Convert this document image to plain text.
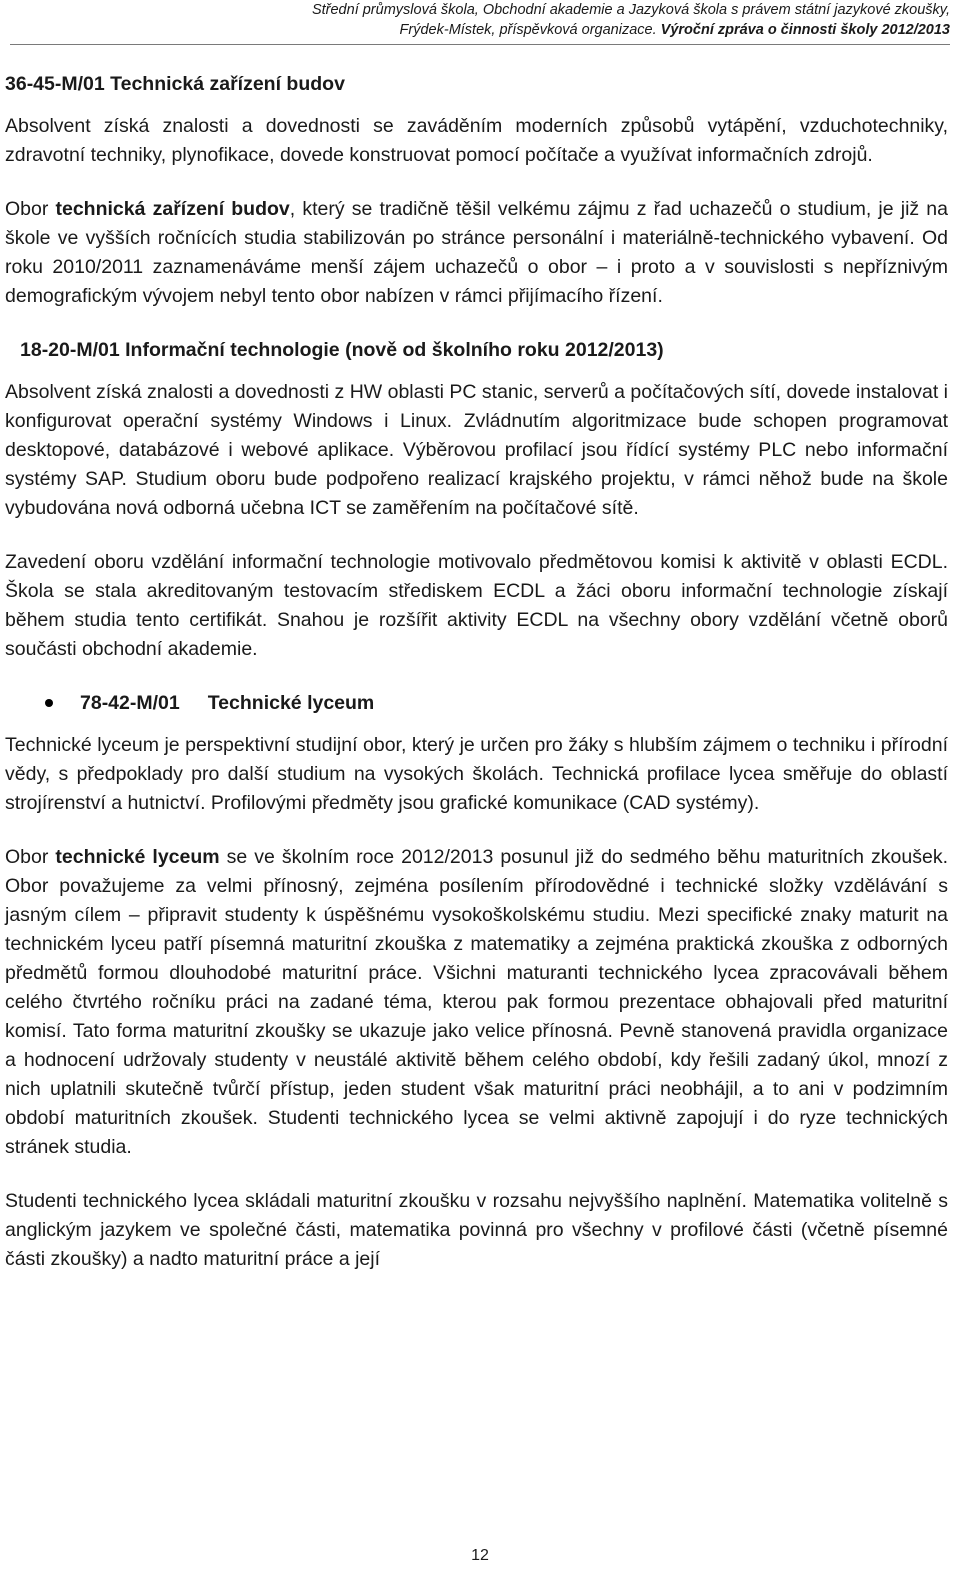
Střední průmyslová škola, Obchodní akademie a Jazyková škola s právem státní jazykové zkoušky,
Frýdek-Místek, příspěvková organizace. Výroční zpráva o činnosti školy 2012/2013
36-45-M/01 Technická zařízení budov

Absolvent získá znalosti a dovednosti se zaváděním moderních způsobů vytápění, vzduchotechniky, zdravotní techniky, plynofikace, dovede konstruovat pomocí počítače a využívat informačních zdrojů.

Obor technická zařízení budov, který se tradičně těšil velkému zájmu z řad uchazečů o studium, je již na škole ve vyšších ročnících studia stabilizován po stránce personální i materiálně-technického vybavení. Od roku 2010/2011 zaznamenáváme menší zájem uchazečů o obor – i proto a v souvislosti s nepříznivým demografickým vývojem nebyl tento obor nabízen v rámci přijímacího řízení.

18-20-M/01 Informační technologie (nově od školního roku 2012/2013)

Absolvent získá znalosti a dovednosti z HW oblasti PC stanic, serverů a počítačových sítí, dovede instalovat i konfigurovat operační systémy Windows i Linux. Zvládnutím algoritmizace bude schopen programovat desktopové, databázové i webové aplikace. Výběrovou profilací jsou řídící systémy PLC nebo informační systémy SAP. Studium oboru bude podpořeno realizací krajského projektu, v rámci něhož bude na škole vybudována nová odborná učebna ICT se zaměřením na počítačové sítě.

Zavedení oboru vzdělání informační technologie motivovalo předmětovou komisi k aktivitě v oblasti ECDL. Škola se stala akreditovaným testovacím střediskem ECDL a žáci oboru informační technologie získají během studia tento certifikát. Snahou je rozšířit aktivity ECDL na všechny obory vzdělání včetně oborů součásti obchodní akademie.

78-42-M/01 Technické lyceum

Technické lyceum je perspektivní studijní obor, který je určen pro žáky s hlubším zájmem o techniku i přírodní vědy, s předpoklady pro další studium na vysokých školách. Technická profilace lycea směřuje do oblastí strojírenství a hutnictví. Profilovými předměty jsou grafické komunikace (CAD systémy).

Obor technické lyceum se ve školním roce 2012/2013 posunul již do sedmého běhu maturitních zkoušek. Obor považujeme za velmi přínosný, zejména posílením přírodovědné i technické složky vzdělávání s jasným cílem – připravit studenty k úspěšnému vysokoškolskému studiu. Mezi specifické znaky maturit na technickém lyceu patří písemná maturitní zkouška z matematiky a zejména praktická zkouška z odborných předmětů formou dlouhodobé maturitní práce. Všichni maturanti technického lycea zpracovávali během celého čtvrtého ročníku práci na zadané téma, kterou pak formou prezentace obhajovali před maturitní komisí. Tato forma maturitní zkoušky se ukazuje jako velice přínosná. Pevně stanovená pravidla organizace a hodnocení udržovaly studenty v neustálé aktivitě během celého období, kdy řešili zadaný úkol, mnozí z nich uplatnili skutečně tvůrčí přístup, jeden student však maturitní práci neobhájil, a to ani v podzimním období maturitních zkoušek. Studenti technického lycea se velmi aktivně zapojují i do ryze technických stránek studia.

Studenti technického lycea skládali maturitní zkoušku v rozsahu nejvyššího naplnění. Matematika volitelně s anglickým jazykem ve společné části, matematika povinná pro všechny v profilové části (včetně písemné části zkoušky) a nadto maturitní práce a její

12
